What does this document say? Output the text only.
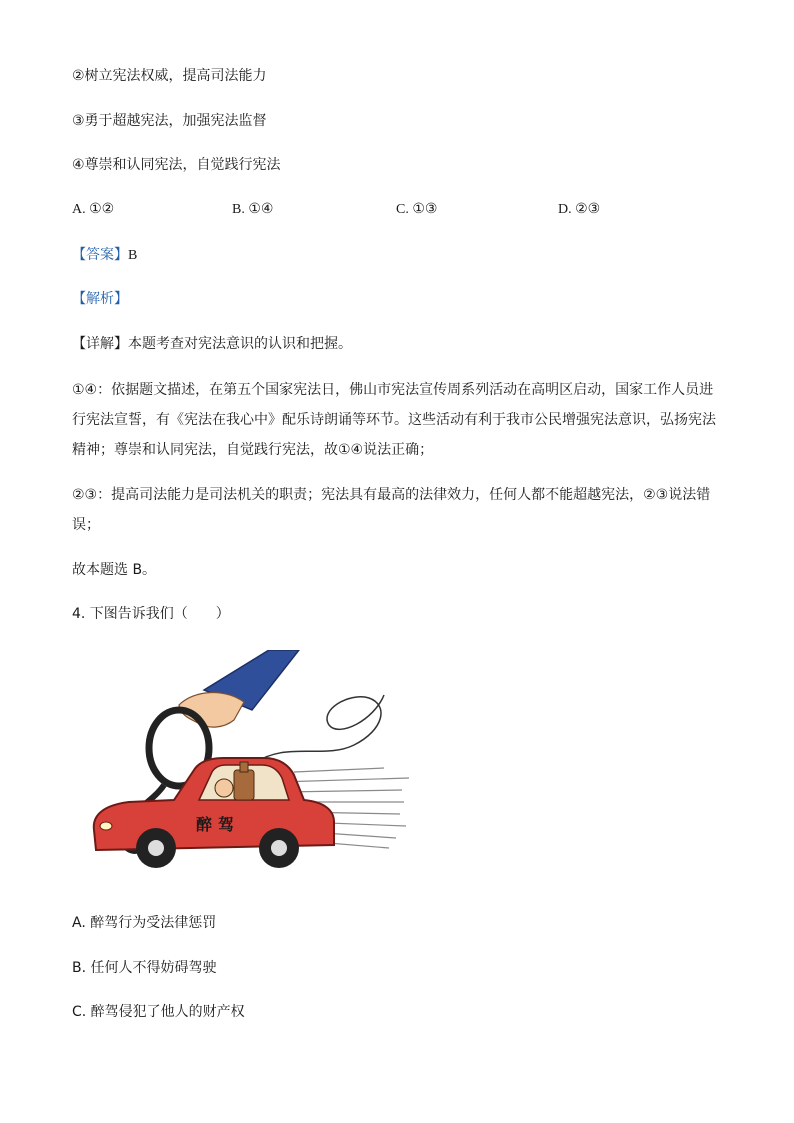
②树立宪法权威，提高司法能力
③勇于超越宪法，加强宪法监督
④尊崇和认同宪法，自觉践行宪法
A. ①②	B. ①④	C. ①③	D. ②③
【答案】B
【解析】
【详解】本题考查对宪法意识的认识和把握。
①④：依据题文描述，在第五个国家宪法日，佛山市宪法宣传周系列活动在高明区启动，国家工作人员进行宪法宣誓，有《宪法在我心中》配乐诗朗诵等环节。这些活动有利于我市公民增强宪法意识，弘扬宪法精神；尊崇和认同宪法，自觉践行宪法，故①④说法正确；
②③：提高司法能力是司法机关的职责；宪法具有最高的法律效力，任何人都不能超越宪法，②③说法错误；
故本题选 B。
4. 下图告诉我们（　　）
醉驾
A. 醉驾行为受法律惩罚
B. 任何人不得妨碍驾驶
C. 醉驾侵犯了他人的财产权
